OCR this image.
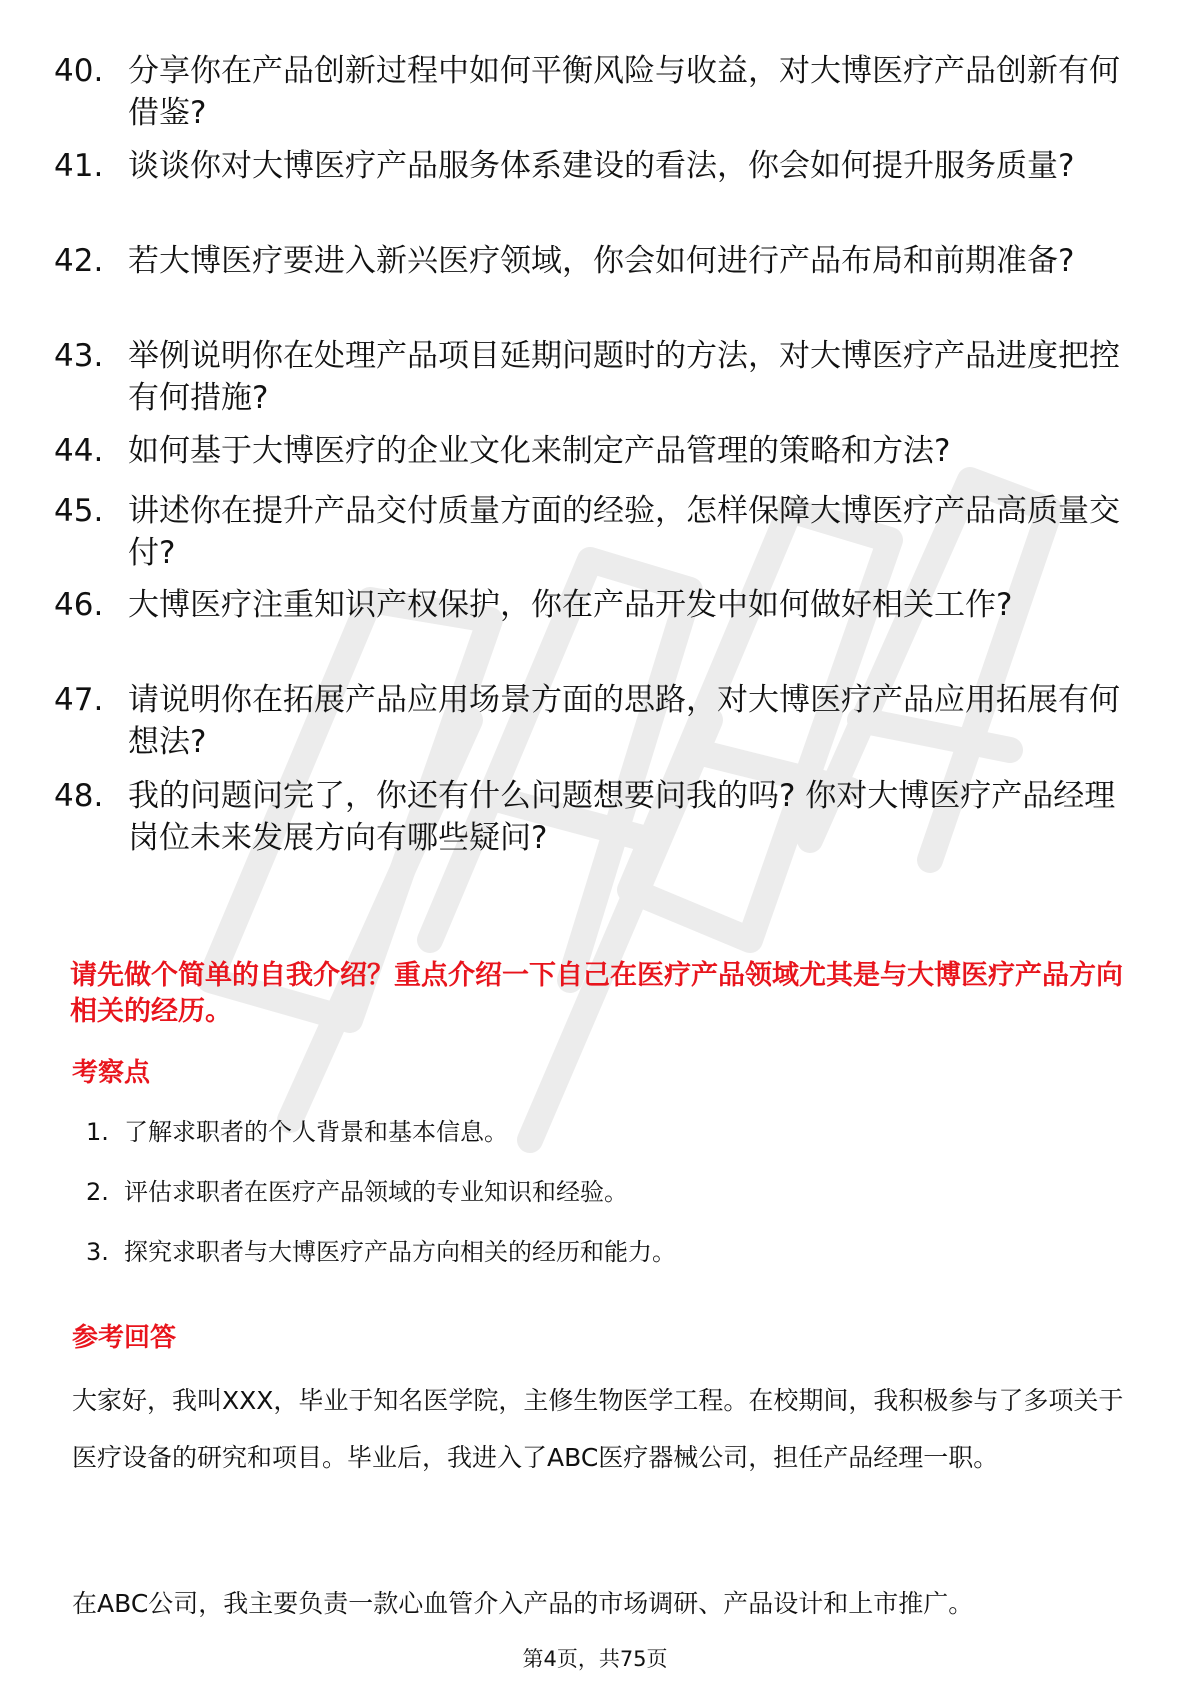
40. 分享你在产品创新过程中如何平衡风险与收益，对大博医疗产品创新有何借鉴?
41. 谈谈你对大博医疗产品服务体系建设的看法，你会如何提升服务质量?
42. 若大博医疗要进入新兴医疗领域，你会如何进行产品布局和前期准备?
43. 举例说明你在处理产品项目延期问题时的方法，对大博医疗产品进度把控有何措施?
44. 如何基于大博医疗的企业文化来制定产品管理的策略和方法?
45. 讲述你在提升产品交付质量方面的经验，怎样保障大博医疗产品高质量交付?
46. 大博医疗注重知识产权保护，你在产品开发中如何做好相关工作?
47. 请说明你在拓展产品应用场景方面的思路，对大博医疗产品应用拓展有何想法?
48. 我的问题问完了，你还有什么问题想要问我的吗? 你对大博医疗产品经理岗位未来发展方向有哪些疑问?
请先做个简单的自我介绍？重点介绍一下自己在医疗产品领域尤其是与大博医疗产品方向相关的经历。
考察点
1. 了解求职者的个人背景和基本信息。
2. 评估求职者在医疗产品领域的专业知识和经验。
3. 探究求职者与大博医疗产品方向相关的经历和能力。
参考回答
大家好，我叫XXX，毕业于知名医学院，主修生物医学工程。在校期间，我积极参与了多项关于医疗设备的研究和项目。毕业后，我进入了ABC医疗器械公司，担任产品经理一职。
在ABC公司，我主要负责一款心血管介入产品的市场调研、产品设计和上市推广。
第4页，共75页
